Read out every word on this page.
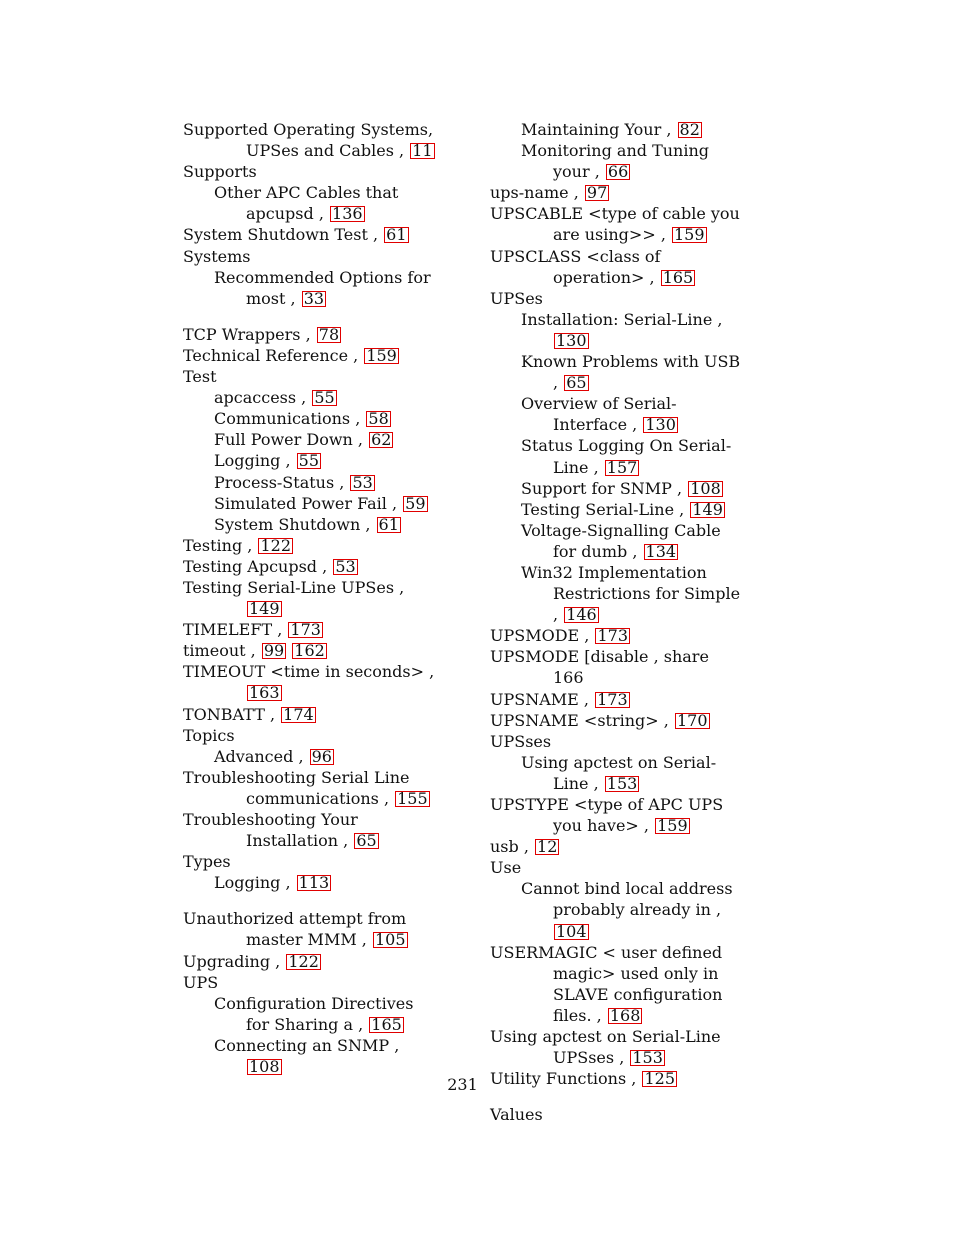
Supported Operating Systems, UPSes and Cables , 11
Supports
Other APC Cables that apcupsd , 136
System Shutdown Test , 61
Systems
Recommended Options for most , 33
TCP Wrappers , 78
Technical Reference , 159
Test
apcaccess , 55
Communications , 58
Full Power Down , 62
Logging , 55
Process-Status , 53
Simulated Power Fail , 59
System Shutdown , 61
Testing , 122
Testing Apcupsd , 53
Testing Serial-Line UPSes , 149
TIMELEFT , 173
timeout , 99 162
TIMEOUT <time in seconds> , 163
TONBATT , 174
Topics
Advanced , 96
Troubleshooting Serial Line communications , 155
Troubleshooting Your Installation , 65
Types
Logging , 113
Unauthorized attempt from master MMM , 105
Upgrading , 122
UPS
Configuration Directives for Sharing a , 165
Connecting an SNMP , 108
Maintaining Your , 82
Monitoring and Tuning your , 66
ups-name , 97
UPSCABLE <type of cable you are using>> , 159
UPSCLASS <class of operation> , 165
UPSes
Installation: Serial-Line , 130
Known Problems with USB , 65
Overview of Serial-Interface , 130
Status Logging On Serial-Line , 157
Support for SNMP , 108
Testing Serial-Line , 149
Voltage-Signalling Cable for dumb , 134
Win32 Implementation Restrictions for Simple , 146
UPSMODE , 173
UPSMODE [disable , share 166
UPSNAME , 173
UPSNAME <string> , 170
UPSses
Using apctest on Serial-Line , 153
UPSTYPE <type of APC UPS you have> , 159
usb , 12
Use
Cannot bind local address probably already in , 104
USERMAGIC < user defined magic> used only in SLAVE configuration files. , 168
Using apctest on Serial-Line UPSses , 153
Utility Functions , 125
Values
231
